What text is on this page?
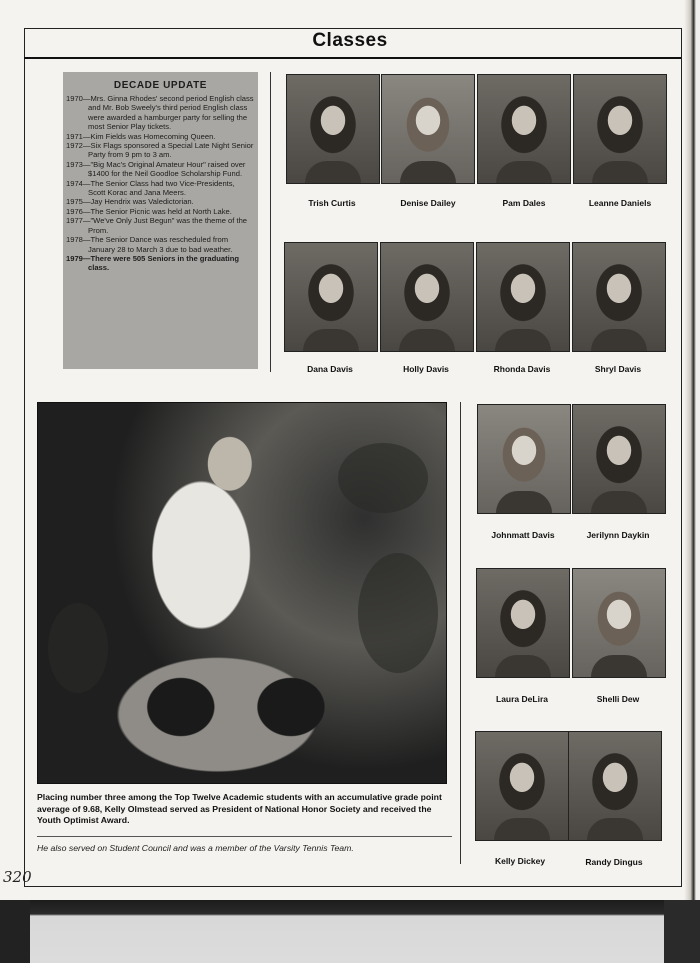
Classes
DECADE UPDATE
1970—Mrs. Ginna Rhodes' second period English class and Mr. Bob Sweely's third period English class were awarded a hamburger party for selling the most Senior Play tickets.
1971—Kim Fields was Homecoming Queen.
1972—Six Flags sponsored a Special Late Night Senior Party from 9 pm to 3 am.
1973—"Big Mac's Original Amateur Hour" raised over $1400 for the Neil Goodloe Scholarship Fund.
1974—The Senior Class had two Vice-Presidents, Scott Korac and Jana Meers.
1975—Jay Hendrix was Valedictorian.
1976—The Senior Picnic was held at North Lake.
1977—"We've Only Just Begun" was the theme of the Prom.
1978—The Senior Dance was rescheduled from January 28 to March 3 due to bad weather.
1979—There were 505 Seniors in the graduating class.
Trish Curtis	Denise Dailey	Pam Dales	Leanne Daniels
Dana Davis	Holly Davis	Rhonda Davis	Shryl Davis
Johnmatt Davis	Jerilynn Daykin
Laura DeLira	Shelli Dew
Kelly Dickey	Randy Dingus
Placing number three among the Top Twelve Academic students with an accumulative grade point average of 9.68, Kelly Olmstead served as President of National Honor Society and received the Youth Optimist Award.
He also served on Student Council and was a member of the Varsity Tennis Team.
320
